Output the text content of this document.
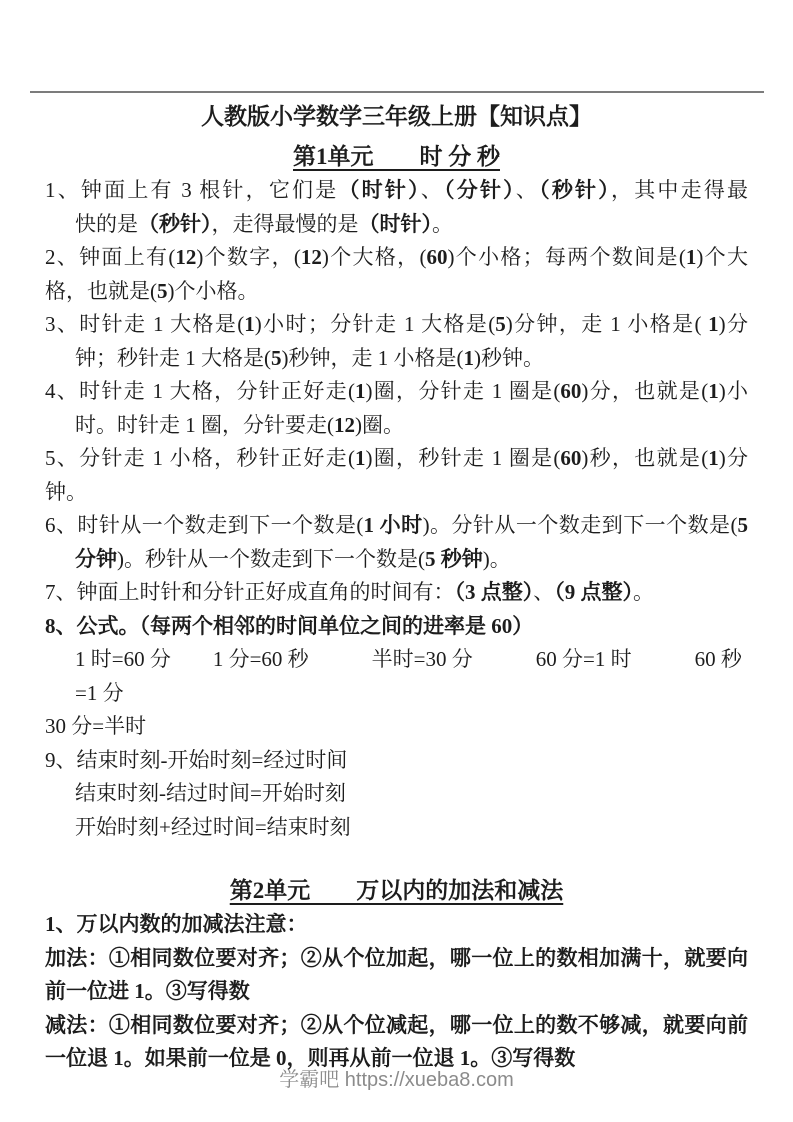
人教版小学数学三年级上册【知识点】
第1单元　　时 分 秒
1、钟面上有 3 根针，它们是（时针）、（分针）、（秒针），其中走得最
快的是（秒针），走得最慢的是（时针）。
2、钟面上有(12)个数字，(12)个大格，(60)个小格；每两个数间是(1)个大
格，也就是(5)个小格。
3、时针走 1 大格是(1)小时；分针走 1 大格是(5)分钟，走 1 小格是( 1)分
钟；秒针走 1 大格是(5)秒钟，走 1 小格是(1)秒钟。
4、时针走 1 大格，分针正好走(1)圈，分针走 1 圈是(60)分，也就是(1)小
时。时针走 1 圈，分针要走(12)圈。
5、分针走 1 小格，秒针正好走(1)圈，秒针走 1 圈是(60)秒，也就是(1)分
钟。
6、时针从一个数走到下一个数是(1 小时)。分针从一个数走到下一个数是(5
分钟)。秒针从一个数走到下一个数是(5 秒钟)。
7、钟面上时针和分针正好成直角的时间有：（3 点整）、（9 点整）。
8、公式。（每两个相邻的时间单位之间的进率是 60）
1 时=60 分　　1 分=60 秒　　　半时=30 分　　　60 分=1 时　　　60 秒=1 分
30 分=半时
9、结束时刻-开始时刻=经过时间
结束时刻-结过时间=开始时刻
开始时刻+经过时间=结束时刻
第2单元　　万以内的加法和减法
1、万以内数的加减法注意：
加法：①相同数位要对齐；②从个位加起，哪一位上的数相加满十，就要向
前一位进 1。③写得数
减法：①相同数位要对齐；②从个位减起，哪一位上的数不够减，就要向前
一位退 1。如果前一位是 0，则再从前一位退 1。③写得数
学霸吧 https://xueba8.com
